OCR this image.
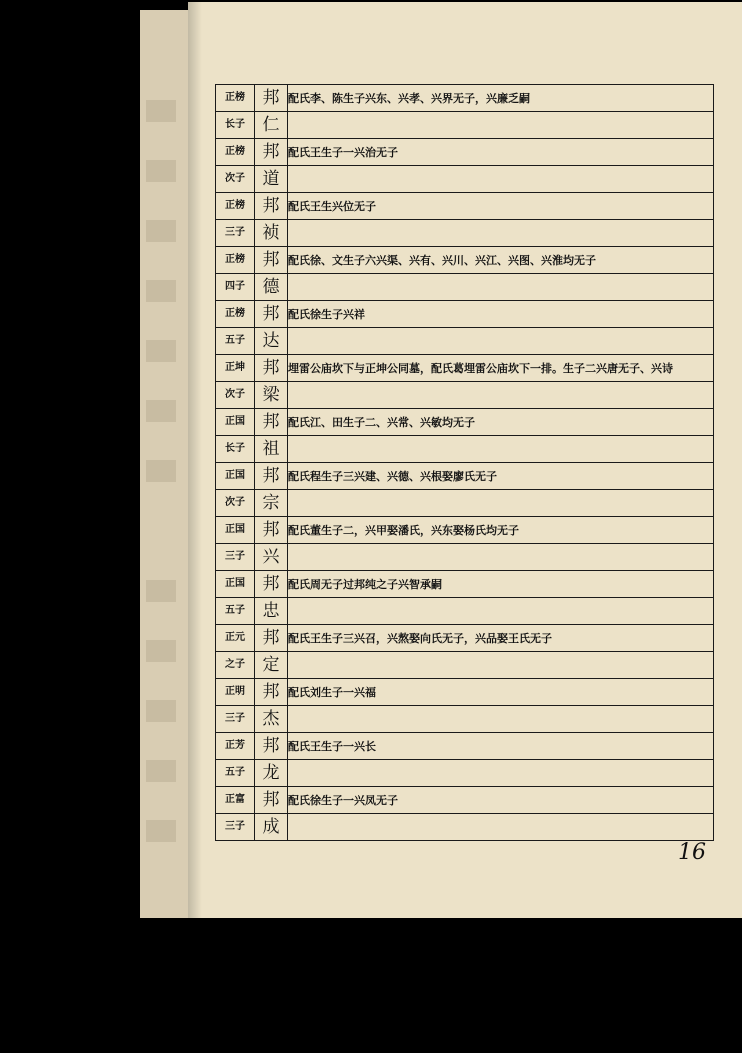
正榜	邦	配氏李、陈生子兴东、兴孝、兴界无子，兴廉乏嗣
长子	仁	
正榜	邦	配氏王生子一兴治无子
次子	道	
正榜	邦	配氏王生兴位无子
三子	祯	
正榜	邦	配氏徐、文生子六兴渠、兴有、兴川、兴江、兴图、兴淮均无子
四子	德	
正榜	邦	配氏徐生子兴祥
五子	达	
正坤	邦	埋雷公庙坎下与正坤公同墓，配氏葛埋雷公庙坎下一排。生子二兴唐无子、兴诗
次子	梁	
正国	邦	配氏江、田生子二、兴常、兴敏均无子
长子	祖	
正国	邦	配氏程生子三兴建、兴德、兴根娶廖氏无子
次子	宗	
正国	邦	配氏董生子二，兴甲娶潘氏，兴东娶杨氏均无子
三子	兴	
正国	邦	配氏周无子过邦纯之子兴智承嗣
五子	忠	
正元	邦	配氏王生子三兴召，兴熬娶向氏无子，兴品娶王氏无子
之子	定	
正明	邦	配氏刘生子一兴福
三子	杰	
正芳	邦	配氏王生子一兴长
五子	龙	
正富	邦	配氏徐生子一兴凤无子
三子	成	
16
